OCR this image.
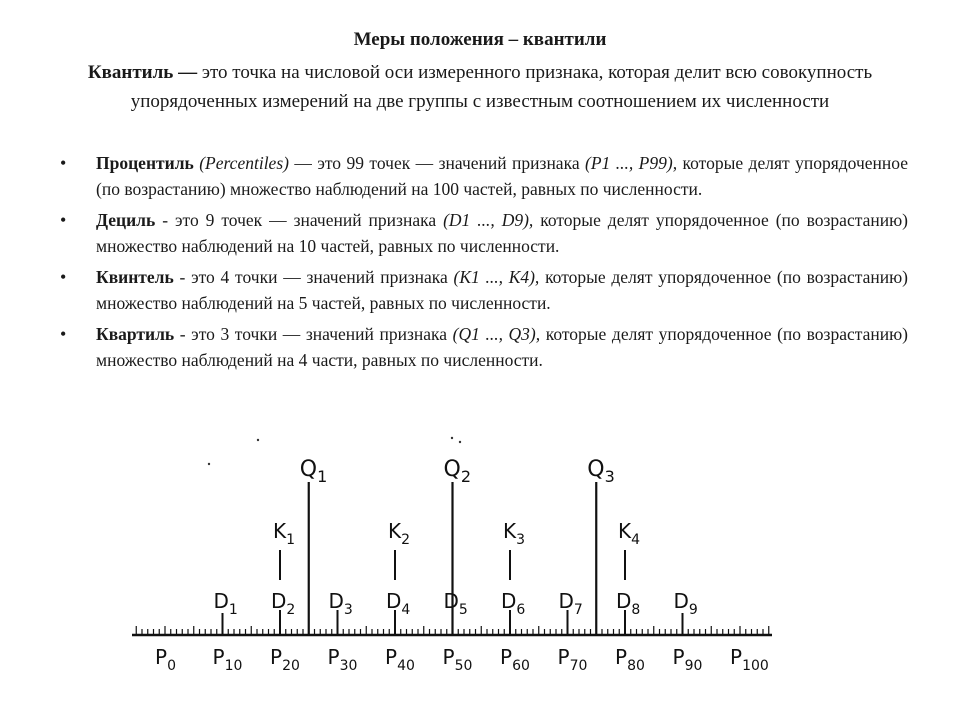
Меры положения – квантили
Квантиль — это точка на числовой оси измеренного признака, которая делит всю совокупность упорядоченных измерений на две группы с известным соотношением их численности
• Процентиль (Percentiles) — это 99 точек — значений признака (P1 ..., P99), которые делят упорядоченное (по возрастанию) множество наблюдений на 100 частей, равных по численности.
• Дециль - это 9 точек — значений признака (D1 ..., D9), которые делят упорядоченное (по возрастанию) множество наблюдений на 10 частей, равных по численности.
• Квинтель - это 4 точки — значений признака (К1 ..., К4), которые делят упорядоченное (по возрастанию) множество наблюдений на 5 частей, равных по численности.
• Квартиль - это 3 точки — значений признака (Q1 ..., Q3), которые делят упорядоченное (по возрастанию) множество наблюдений на 4 части, равных по численности.
$D_1$ $D_2$ $D_3$ $D_4$ $D_5$ $D_6$ $D_7$ $D_8$ $D_9$
$K_1$	$K_2$	$K_3$	$K_4$
$Q_1$	$Q_2$	$Q_3$
$P_0$ $P_{10}$ $P_{20}$ $P_{30}$ $P_{40}$ $P_{50}$ $P_{60}$ $P_{70}$ $P_{80}$ $P_{90}$ $P_{100}$
